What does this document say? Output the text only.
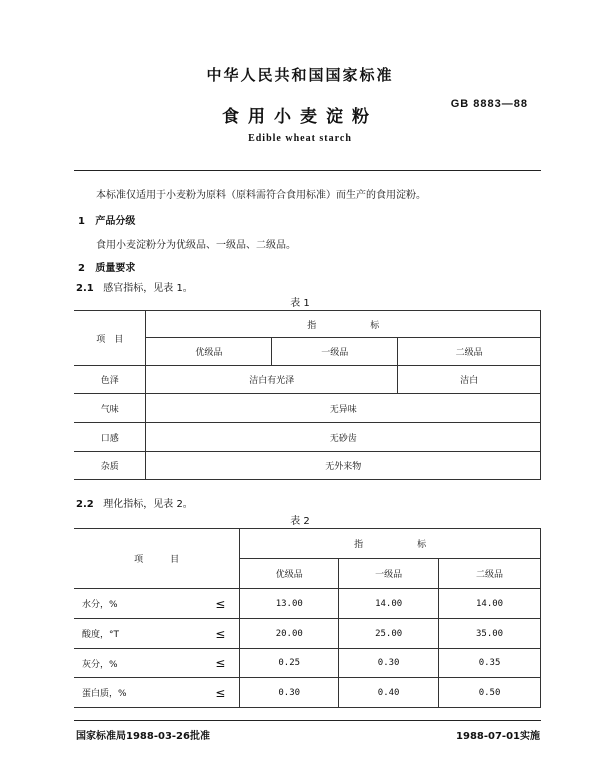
中华人民共和国国家标准
食用小麦淀粉
GB 8883—88
Edible wheat starch
本标准仅适用于小麦粉为原料（原料需符合食用标准）而生产的食用淀粉。
1 产品分级
食用小麦淀粉分为优级品、一级品、二级品。
2 质量要求
2.1 感官指标，见表 1。
表 1
项　目	指　　　　　　标		
	优级品	一级品	二级品
色泽	洁白有光泽		洁白
气味	无异味		
口感	无砂齿		
杂质	无外来物		
2.2 理化指标，见表 2。
表 2
项　　　目		指　　　　　　标		
		优级品	一级品	二级品
水分，%	≤	13.00	14.00	14.00
酸度，°T	≤	20.00	25.00	35.00
灰分，%	≤	0.25	0.30	0.35
蛋白质，%	≤	0.30	0.40	0.50
国家标准局1988-03-26批准	1988-07-01实施
